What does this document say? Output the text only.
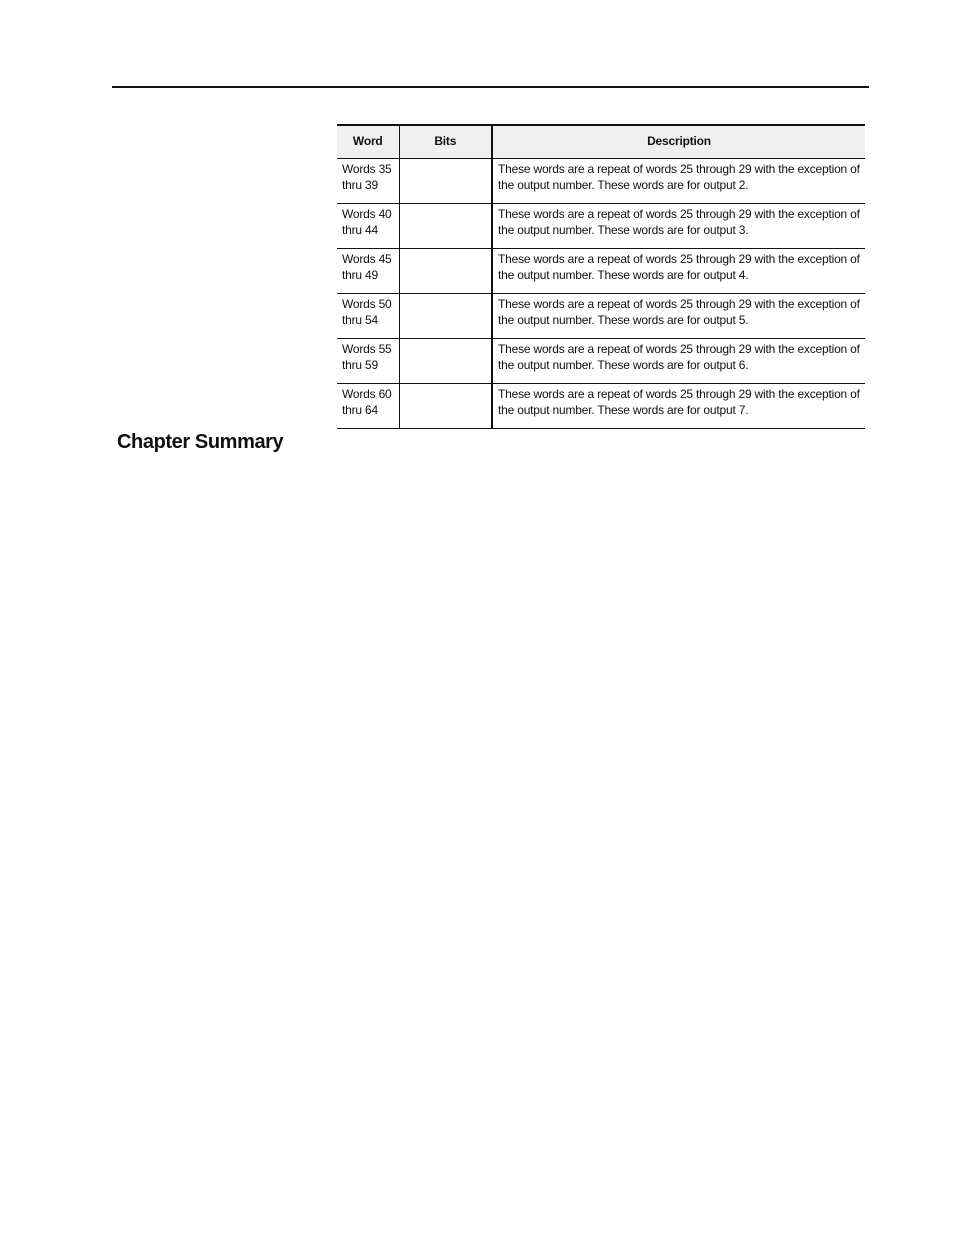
Word	Bits	Description
Words 35
thru 39		These words are a repeat of words 25 through 29 with the exception of the output number. These words are for output 2.
Words 40
thru 44		These words are a repeat of words 25 through 29 with the exception of the output number. These words are for output 3.
Words 45
thru 49		These words are a repeat of words 25 through 29 with the exception of the output number. These words are for output 4.
Words 50
thru 54		These words are a repeat of words 25 through 29 with the exception of the output number. These words are for output 5.
Words 55
thru 59		These words are a repeat of words 25 through 29 with the exception of the output number. These words are for output 6.
Words 60
thru 64		These words are a repeat of words 25 through 29 with the exception of the output number. These words are for output 7.
Chapter Summary
